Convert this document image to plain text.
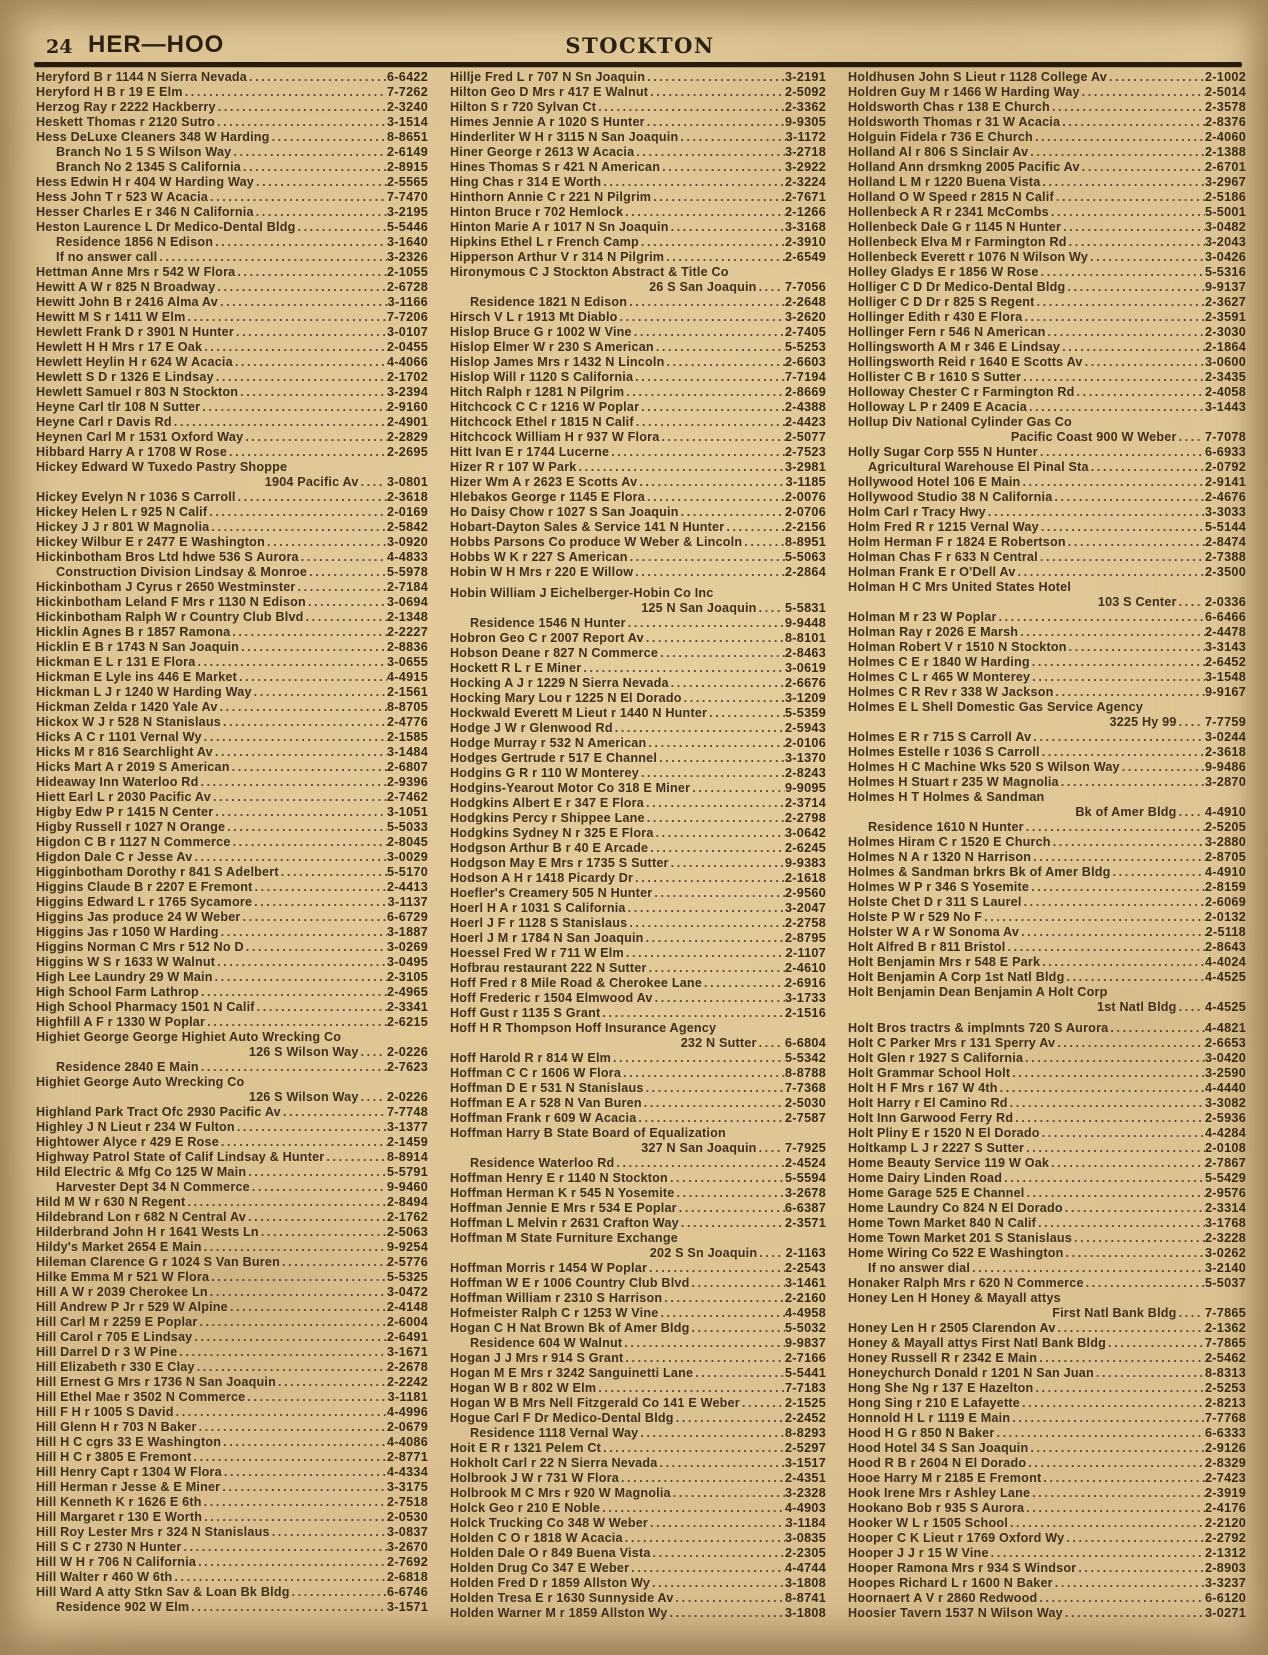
24 HER—HOO	STOCKTON
Heryford B r 1144 N Sierra Nevada .....	6-6422
Heryford H B r 19 E Elm .....	7-7262
Herzog Ray r 2222 Hackberry .....	2-3240
Heskett Thomas r 2120 Sutro .....	3-1514
Hess DeLuxe Cleaners 348 W Harding .....	8-8651
Branch No 1 5 S Wilson Way .....	2-6149
Branch No 2 1345 S California .....	2-8915
Hess Edwin H r 404 W Harding Way .....	2-5565
Hess John T r 523 W Acacia .....	7-7470
Hesser Charles E r 346 N California .....	3-2195
Heston Laurence L Dr Medico-Dental Bldg .....	5-5446
Residence 1856 N Edison .....	3-1640
If no answer call .....	3-2326
Hettman Anne Mrs r 542 W Flora .....	2-1055
Hewitt A W r 825 N Broadway .....	2-6728
Hewitt John B r 2416 Alma Av .....	3-1166
Hewitt M S r 1411 W Elm .....	7-7206
Hewlett Frank D r 3901 N Hunter .....	3-0107
Hewlett H H Mrs r 17 E Oak .....	2-0455
Hewlett Heylin H r 624 W Acacia .....	4-4066
Hewlett S D r 1326 E Lindsay .....	2-1702
Hewlett Samuel r 803 N Stockton .....	3-2394
Heyne Carl tlr 108 N Sutter .....	2-9160
Heyne Carl r Davis Rd .....	2-4901
Heynen Carl M r 1531 Oxford Way .....	2-2829
Hibbard Harry A r 1708 W Rose .....	2-2695
Hickey Edward W Tuxedo Pastry Shoppe
1904 Pacific Av .... 3-0801
Hickey Evelyn N r 1036 S Carroll .....	2-3618
Hickey Helen L r 925 N Calif .....	2-0169
Hickey J J r 801 W Magnolia .....	2-5842
Hickey Wilbur E r 2477 E Washington .....	3-0920
Hickinbotham Bros Ltd hdwe 536 S Aurora .....	4-4833
Construction Division Lindsay & Monroe .....	5-5978
Hickinbotham J Cyrus r 2650 Westminster .....	2-7184
Hickinbotham Leland F Mrs r 1130 N Edison .....	3-0694
Hickinbotham Ralph W r Country Club Blvd .....	2-1348
Hicklin Agnes B r 1857 Ramona .....	2-2227
Hicklin E B r 1743 N San Joaquin .....	2-8836
Hickman E L r 131 E Flora .....	3-0655
Hickman E Lyle ins 446 E Market .....	4-4915
Hickman L J r 1240 W Harding Way .....	2-1561
Hickman Zelda r 1420 Yale Av .....	8-8705
Hickox W J r 528 N Stanislaus .....	2-4776
Hicks A C r 1101 Vernal Wy .....	2-1585
Hicks M r 816 Searchlight Av .....	3-1484
Hicks Mart A r 2019 S American .....	2-6807
Hideaway Inn Waterloo Rd .....	2-9396
Hiett Earl L r 2030 Pacific Av .....	2-7462
Higby Edw P r 1415 N Center .....	3-1051
Higby Russell r 1027 N Orange .....	5-5033
Higdon C B r 1127 N Commerce .....	2-8045
Higdon Dale C r Jesse Av .....	3-0029
Higginbotham Dorothy r 841 S Adelbert .....	5-5170
Higgins Claude B r 2207 E Fremont .....	2-4413
Higgins Edward L r 1765 Sycamore .....	3-1137
Higgins Jas produce 24 W Weber .....	6-6729
Higgins Jas r 1050 W Harding .....	3-1887
Higgins Norman C Mrs r 512 No D .....	3-0269
Higgins W S r 1633 W Walnut .....	3-0495
High Lee Laundry 29 W Main .....	2-3105
High School Farm Lathrop .....	2-4965
High School Pharmacy 1501 N Calif .....	2-3341
Highfill A F r 1330 W Poplar .....	2-6215
Highiet George George Highiet Auto Wrecking Co
126 S Wilson Way .... 2-0226
Residence 2840 E Main .....	2-7623
Highiet George Auto Wrecking Co
126 S Wilson Way .... 2-0226
Highland Park Tract Ofc 2930 Pacific Av .....	7-7748
Highley J N Lieut r 234 W Fulton .....	3-1377
Hightower Alyce r 429 E Rose .....	2-1459
Highway Patrol State of Calif Lindsay & Hunter .....	8-8914
Hild Electric & Mfg Co 125 W Main .....	5-5791
Harvester Dept 34 N Commerce .....	9-9460
Hild M W r 630 N Regent .....	2-8494
Hildebrand Lon r 682 N Central Av .....	2-1762
Hilderbrand John H r 1641 Wests Ln .....	2-5063
Hildy's Market 2654 E Main .....	9-9254
Hileman Clarence G r 1024 S Van Buren .....	2-5776
Hilke Emma M r 521 W Flora .....	5-5325
Hill A W r 2039 Cherokee Ln .....	3-0472
Hill Andrew P Jr r 529 W Alpine .....	2-4148
Hill Carl M r 2259 E Poplar .....	2-6004
Hill Carol r 705 E Lindsay .....	2-6491
Hill Darrel D r 3 W Pine .....	3-1671
Hill Elizabeth r 330 E Clay .....	2-2678
Hill Ernest G Mrs r 1736 N San Joaquin .....	2-2242
Hill Ethel Mae r 3502 N Commerce .....	3-1181
Hill F H r 1005 S David .....	4-4996
Hill Glenn H r 703 N Baker .....	2-0679
Hill H C cgrs 33 E Washington .....	4-4086
Hill H C r 3805 E Fremont .....	2-8771
Hill Henry Capt r 1304 W Flora .....	4-4334
Hill Herman r Jesse & E Miner .....	3-3175
Hill Kenneth K r 1626 E 6th .....	2-7518
Hill Margaret r 130 E Worth .....	2-0530
Hill Roy Lester Mrs r 324 N Stanislaus .....	3-0837
Hill S C r 2730 N Hunter .....	3-2670
Hill W H r 706 N California .....	2-7692
Hill Walter r 460 W 6th .....	2-6818
Hill Ward A atty Stkn Sav & Loan Bk Bldg .....	6-6746
Residence 902 W Elm .....	3-1571
Hillje Fred L r 707 N Sn Joaquin .....	3-2191
Hilton Geo D Mrs r 417 E Walnut .....	2-5092
Hilton S r 720 Sylvan Ct .....	2-3362
Himes Jennie A r 1020 S Hunter .....	9-9305
Hinderliter W H r 3115 N San Joaquin .....	3-1172
Hiner George r 2613 W Acacia .....	3-2718
Hines Thomas S r 421 N American .....	3-2922
Hing Chas r 314 E Worth .....	2-3224
Hinthorn Annie C r 221 N Pilgrim .....	2-7671
Hinton Bruce r 702 Hemlock .....	2-1266
Hinton Marie A r 1017 N Sn Joaquin .....	3-3168
Hipkins Ethel L r French Camp .....	2-3910
Hipperson Arthur V r 314 N Pilgrim .....	2-6549
Hironymous C J Stockton Abstract & Title Co
26 S San Joaquin .... 7-7056
Residence 1821 N Edison .....	2-2648
Hirsch V L r 1913 Mt Diablo .....	3-2620
Hislop Bruce G r 1002 W Vine .....	2-7405
Hislop Elmer W r 230 S American .....	5-5253
Hislop James Mrs r 1432 N Lincoln .....	2-6603
Hislop Will r 1120 S California .....	7-7194
Hitch Ralph r 1281 N Pilgrim .....	2-8669
Hitchcock C C r 1216 W Poplar .....	2-4388
Hitchcock Ethel r 1815 N Calif .....	2-4423
Hitchcock William H r 937 W Flora .....	2-5077
Hitt Ivan E r 1744 Lucerne .....	2-7523
Hizer R r 107 W Park .....	3-2981
Hizer Wm A r 2623 E Scotts Av .....	3-1185
Hlebakos George r 1145 E Flora .....	2-0076
Ho Daisy Chow r 1027 S San Joaquin .....	2-0706
Hobart-Dayton Sales & Service 141 N Hunter .....	2-2156
Hobbs Parsons Co produce W Weber & Lincoln .....	8-8951
Hobbs W K r 227 S American .....	5-5063
Hobin W H Mrs r 220 E Willow .....	2-2864
Hobin William J Eichelberger-Hobin Co Inc
125 N San Joaquin .... 5-5831
Residence 1546 N Hunter .....	9-9448
Hobron Geo C r 2007 Report Av .....	8-8101
Hobson Deane r 827 N Commerce .....	2-8463
Hockett R L r E Miner .....	3-0619
Hocking A J r 1229 N Sierra Nevada .....	2-6676
Hocking Mary Lou r 1225 N El Dorado .....	3-1209
Hockwald Everett M Lieut r 1440 N Hunter .....	5-5359
Hodge J W r Glenwood Rd .....	2-5943
Hodge Murray r 532 N American .....	2-0106
Hodges Gertrude r 517 E Channel .....	3-1370
Hodgins G R r 110 W Monterey .....	2-8243
Hodgins-Yearout Motor Co 318 E Miner .....	9-9095
Hodgkins Albert E r 347 E Flora .....	2-3714
Hodgkins Percy r Shippee Lane .....	2-2798
Hodgkins Sydney N r 325 E Flora .....	3-0642
Hodgson Arthur B r 40 E Arcade .....	2-6245
Hodgson May E Mrs r 1735 S Sutter .....	9-9383
Hodson A H r 1418 Picardy Dr .....	2-1618
Hoefler's Creamery 505 N Hunter .....	2-9560
Hoerl H A r 1031 S California .....	3-2047
Hoerl J F r 1128 S Stanislaus .....	2-2758
Hoerl J M r 1784 N San Joaquin .....	2-8795
Hoessel Fred W r 711 W Elm .....	2-1107
Hofbrau restaurant 222 N Sutter .....	2-4610
Hoff Fred r 8 Mile Road & Cherokee Lane .....	2-6916
Hoff Frederic r 1504 Elmwood Av .....	3-1733
Hoff Gust r 1135 S Grant .....	2-1516
Hoff H R Thompson Hoff Insurance Agency
232 N Sutter .... 6-6804
Hoff Harold R r 814 W Elm .....	5-5342
Hoffman C C r 1606 W Flora .....	8-8788
Hoffman D E r 531 N Stanislaus .....	7-7368
Hoffman E A r 528 N Van Buren .....	2-5030
Hoffman Frank r 609 W Acacia .....	2-7587
Hoffman Harry B State Board of Equalization
327 N San Joaquin .... 7-7925
Residence Waterloo Rd .....	2-4524
Hoffman Henry E r 1140 N Stockton .....	5-5594
Hoffman Herman K r 545 N Yosemite .....	3-2678
Hoffman Jennie E Mrs r 534 E Poplar .....	6-6387
Hoffman L Melvin r 2631 Crafton Way .....	2-3571
Hoffman M State Furniture Exchange
202 S Sn Joaquin .... 2-1163
Hoffman Morris r 1454 W Poplar .....	2-2543
Hoffman W E r 1006 Country Club Blvd .....	3-1461
Hoffman William r 2310 S Harrison .....	2-2160
Hofmeister Ralph C r 1253 W Vine .....	4-4958
Hogan C H Nat Brown Bk of Amer Bldg .....	5-5032
Residence 604 W Walnut .....	9-9837
Hogan J J Mrs r 914 S Grant .....	2-7166
Hogan M E Mrs r 3242 Sanguinetti Lane .....	5-5441
Hogan W B r 802 W Elm .....	7-7183
Hogan W B Mrs Nell Fitzgerald Co 141 E Weber .....	2-1525
Hogue Carl F Dr Medico-Dental Bldg .....	2-2452
Residence 1118 Vernal Way .....	8-8293
Hoit E R r 1321 Pelem Ct .....	2-5297
Hokholt Carl r 22 N Sierra Nevada .....	3-1517
Holbrook J W r 731 W Flora .....	2-4351
Holbrook M C Mrs r 920 W Magnolia .....	3-2328
Holck Geo r 210 E Noble .....	4-4903
Holck Trucking Co 348 W Weber .....	3-1184
Holden C O r 1818 W Acacia .....	3-0835
Holden Dale O r 849 Buena Vista .....	2-2305
Holden Drug Co 347 E Weber .....	4-4744
Holden Fred D r 1859 Allston Wy .....	3-1808
Holden Tresa E r 1630 Sunnyside Av .....	8-8741
Holden Warner M r 1859 Allston Wy .....	3-1808
Holdhusen John S Lieut r 1128 College Av .....	2-1002
Holdren Guy M r 1466 W Harding Way .....	2-5014
Holdsworth Chas r 138 E Church .....	2-3578
Holdsworth Thomas r 31 W Acacia .....	2-8376
Holguin Fidela r 736 E Church .....	2-4060
Holland Al r 806 S Sinclair Av .....	2-1388
Holland Ann drsmkng 2005 Pacific Av .....	2-6701
Holland L M r 1220 Buena Vista .....	3-2967
Holland O W Speed r 2815 N Calif .....	2-5186
Hollenbeck A R r 2341 McCombs .....	5-5001
Hollenbeck Dale G r 1145 N Hunter .....	3-0482
Hollenbeck Elva M r Farmington Rd .....	3-2043
Hollenbeck Everett r 1076 N Wilson Wy .....	3-0426
Holley Gladys E r 1856 W Rose .....	5-5316
Holliger C D Dr Medico-Dental Bldg .....	9-9137
Holliger C D Dr r 825 S Regent .....	2-3627
Hollinger Edith r 430 E Flora .....	2-3591
Hollinger Fern r 546 N American .....	2-3030
Hollingsworth A M r 346 E Lindsay .....	2-1864
Hollingsworth Reid r 1640 E Scotts Av .....	3-0600
Hollister C B r 1610 S Sutter .....	2-3435
Holloway Chester C r Farmington Rd .....	2-4058
Holloway L P r 2409 E Acacia .....	3-1443
Hollup Div National Cylinder Gas Co
Pacific Coast 900 W Weber .... 7-7078
Holly Sugar Corp 555 N Hunter .....	6-6933
Agricultural Warehouse El Pinal Sta .....	2-0792
Hollywood Hotel 106 E Main .....	2-9141
Hollywood Studio 38 N California .....	2-4676
Holm Carl r Tracy Hwy .....	3-3033
Holm Fred R r 1215 Vernal Way .....	5-5144
Holm Herman F r 1824 E Robertson .....	2-8474
Holman Chas F r 633 N Central .....	2-7388
Holman Frank E r O'Dell Av .....	2-3500
Holman H C Mrs United States Hotel
103 S Center .... 2-0336
Holman M r 23 W Poplar .....	6-6466
Holman Ray r 2026 E Marsh .....	2-4478
Holman Robert V r 1510 N Stockton .....	3-3143
Holmes C E r 1840 W Harding .....	2-6452
Holmes C L r 465 W Monterey .....	3-1548
Holmes C R Rev r 338 W Jackson .....	9-9167
Holmes E L Shell Domestic Gas Service Agency
3225 Hy 99 .... 7-7759
Holmes E R r 715 S Carroll Av .....	3-0244
Holmes Estelle r 1036 S Carroll .....	2-3618
Holmes H C Machine Wks 520 S Wilson Way .....	9-9486
Holmes H Stuart r 235 W Magnolia .....	3-2870
Holmes H T Holmes & Sandman
Bk of Amer Bldg .... 4-4910
Residence 1610 N Hunter .....	2-5205
Holmes Hiram C r 1520 E Church .....	3-2880
Holmes N A r 1320 N Harrison .....	2-8705
Holmes & Sandman brkrs Bk of Amer Bldg .....	4-4910
Holmes W P r 346 S Yosemite .....	2-8159
Holste Chet D r 311 S Laurel .....	2-6069
Holste P W r 529 No F .....	2-0132
Holster W A r W Sonoma Av .....	2-5118
Holt Alfred B r 811 Bristol .....	2-8643
Holt Benjamin Mrs r 548 E Park .....	4-4024
Holt Benjamin A Corp 1st Natl Bldg .....	4-4525
Holt Benjamin Dean Benjamin A Holt Corp
1st Natl Bldg .... 4-4525
Holt Bros tractrs & implmnts 720 S Aurora .....	4-4821
Holt C Parker Mrs r 131 Sperry Av .....	2-6653
Holt Glen r 1927 S California .....	3-0420
Holt Grammar School Holt .....	3-2590
Holt H F Mrs r 167 W 4th .....	4-4440
Holt Harry r El Camino Rd .....	3-3082
Holt Inn Garwood Ferry Rd .....	2-5936
Holt Pliny E r 1520 N El Dorado .....	4-4284
Holtkamp L J r 2227 S Sutter .....	2-0108
Home Beauty Service 119 W Oak .....	2-7867
Home Dairy Linden Road .....	5-5429
Home Garage 525 E Channel .....	2-9576
Home Laundry Co 824 N El Dorado .....	2-3314
Home Town Market 840 N Calif .....	3-1768
Home Town Market 201 S Stanislaus .....	2-3228
Home Wiring Co 522 E Washington .....	3-0262
If no answer dial .....	3-2140
Honaker Ralph Mrs r 620 N Commerce .....	5-5037
Honey Len H Honey & Mayall attys
First Natl Bank Bldg .... 7-7865
Honey Len H r 2505 Clarendon Av .....	2-1362
Honey & Mayall attys First Natl Bank Bldg .....	7-7865
Honey Russell R r 2342 E Main .....	2-5462
Honeychurch Donald r 1201 N San Juan .....	8-8313
Hong She Ng r 137 E Hazelton .....	2-5253
Hong Sing r 210 E Lafayette .....	2-8213
Honnold H L r 1119 E Main .....	7-7768
Hood H G r 850 N Baker .....	6-6333
Hood Hotel 34 S San Joaquin .....	2-9126
Hood R B r 2604 N El Dorado .....	2-8329
Hooe Harry M r 2185 E Fremont .....	2-7423
Hook Irene Mrs r Ashley Lane .....	2-3919
Hookano Bob r 935 S Aurora .....	2-4176
Hooker W L r 1505 School .....	2-2120
Hooper C K Lieut r 1769 Oxford Wy .....	2-2792
Hooper J J r 15 W Vine .....	2-1312
Hooper Ramona Mrs r 934 S Windsor .....	2-8903
Hoopes Richard L r 1600 N Baker .....	3-3237
Hoornaert A V r 2860 Redwood .....	6-6120
Hoosier Tavern 1537 N Wilson Way .....	3-0271
